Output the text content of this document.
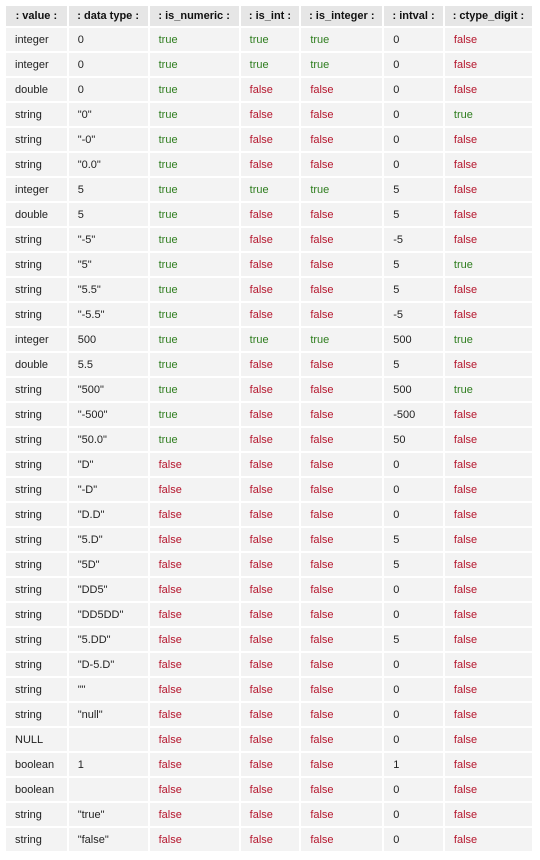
: value :	: data type :	: is_numeric :	: is_int :	: is_integer :	: intval :	: ctype_digit :
integer	0	true	true	true	0	false
integer	0	true	true	true	0	false
double	0	true	false	false	0	false
string	"0"	true	false	false	0	true
string	"-0"	true	false	false	0	false
string	"0.0"	true	false	false	0	false
integer	5	true	true	true	5	false
double	5	true	false	false	5	false
string	"-5"	true	false	false	-5	false
string	"5"	true	false	false	5	true
string	"5.5"	true	false	false	5	false
string	"-5.5"	true	false	false	-5	false
integer	500	true	true	true	500	true
double	5.5	true	false	false	5	false
string	"500"	true	false	false	500	true
string	"-500"	true	false	false	-500	false
string	"50.0"	true	false	false	50	false
string	"D"	false	false	false	0	false
string	"-D"	false	false	false	0	false
string	"D.D"	false	false	false	0	false
string	"5.D"	false	false	false	5	false
string	"5D"	false	false	false	5	false
string	"DD5"	false	false	false	0	false
string	"DD5DD"	false	false	false	0	false
string	"5.DD"	false	false	false	5	false
string	"D-5.D"	false	false	false	0	false
string	""	false	false	false	0	false
string	"null"	false	false	false	0	false
NULL		false	false	false	0	false
boolean	1	false	false	false	1	false
boolean		false	false	false	0	false
string	"true"	false	false	false	0	false
string	"false"	false	false	false	0	false
